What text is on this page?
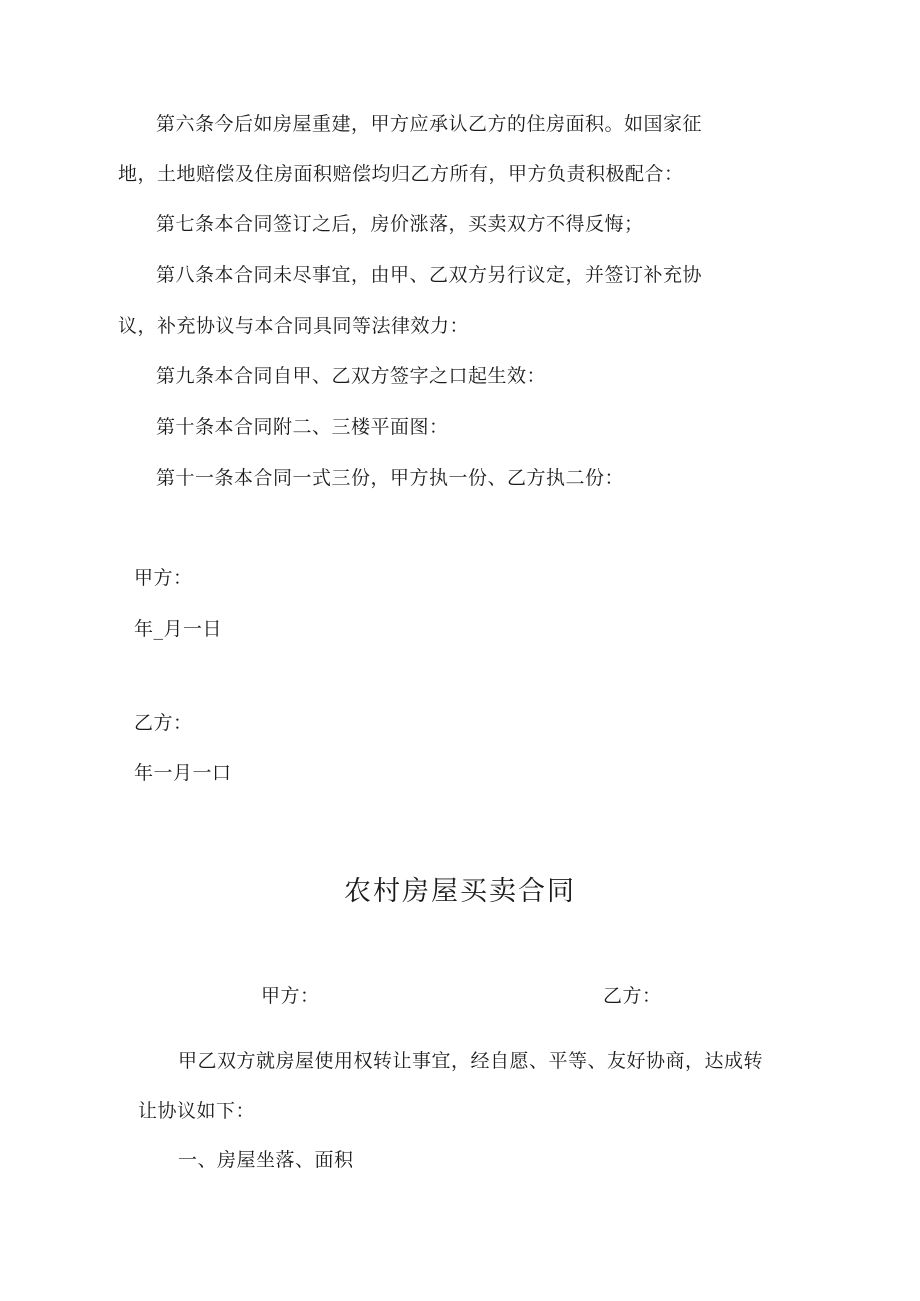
第六条今后如房屋重建，甲方应承认乙方的住房面积。如国家征
地，土地赔偿及住房面积赔偿均归乙方所有，甲方负责积极配合：
第七条本合同签订之后，房价涨落，买卖双方不得反悔；
第八条本合同未尽事宜，由甲、乙双方另行议定，并签订补充协
议，补充协议与本合同具同等法律效力：
第九条本合同自甲、乙双方签字之口起生效：
第十条本合同附二、三楼平面图：
第十一条本合同一式三份，甲方执一份、乙方执二份：
甲方：
年_月一日
乙方：
年一月一口
农村房屋买卖合同
甲方：	乙方：
甲乙双方就房屋使用权转让事宜，经自愿、平等、友好协商，达成转
让协议如下：
一、房屋坐落、面积
